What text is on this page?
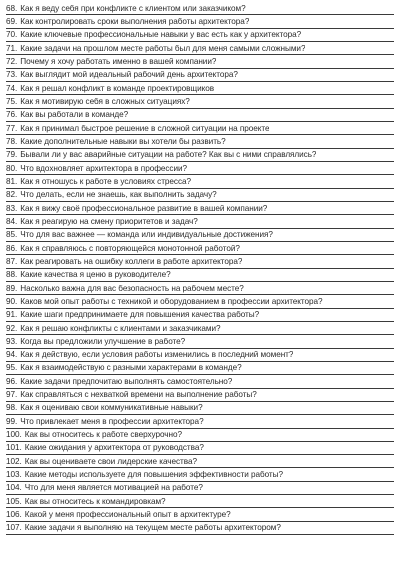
68. Как я веду себя при конфликте с клиентом или заказчиком?
69. Как контролировать сроки выполнения работы архитектора?
70. Какие ключевые профессиональные навыки у вас есть как у архитектора?
71. Какие задачи на прошлом месте работы был для меня самыми сложными?
72. Почему я хочу работать именно в вашей компании?
73. Как выглядит мой идеальный рабочий день архитектора?
74. Как я решал конфликт в команде проектировщиков
75. Как я мотивирую себя в сложных ситуациях?
76. Как вы работали в команде?
77. Как я принимал быстрое решение в сложной ситуации на проекте
78. Какие дополнительные навыки вы хотели бы развить?
79. Бывали ли у вас аварийные ситуации на работе? Как вы с ними справлялись?
80. Что вдохновляет архитектора в профессии?
81. Как я отношусь к работе в условиях стресса?
82. Что делать, если не знаешь, как выполнить задачу?
83. Как я вижу своё профессиональное развитие в вашей компании?
84. Как я реагирую на смену приоритетов и задач?
85. Что для вас важнее — команда или индивидуальные достижения?
86. Как я справляюсь с повторяющейся монотонной работой?
87. Как реагировать на ошибку коллеги в работе архитектора?
88. Какие качества я ценю в руководителе?
89. Насколько важна для вас безопасность на рабочем месте?
90. Каков мой опыт работы с техникой и оборудованием в профессии архитектора?
91. Какие шаги предпринимаете для повышения качества работы?
92. Как я решаю конфликты с клиентами и заказчиками?
93. Когда вы предложили улучшение в работе?
94. Как я действую, если условия работы изменились в последний момент?
95. Как я взаимодействую с разными характерами в команде?
96. Какие задачи предпочитаю выполнять самостоятельно?
97. Как справляться с нехваткой времени на выполнение работы?
98. Как я оцениваю свои коммуникативные навыки?
99. Что привлекает меня в профессии архитектора?
100. Как вы относитесь к работе сверхурочно?
101. Какие ожидания у архитектора от руководства?
102. Как вы оцениваете свои лидерские качества?
103. Какие методы используете для повышения эффективности работы?
104. Что для меня является мотивацией на работе?
105. Как вы относитесь к командировкам?
106. Какой у меня профессиональный опыт в архитектуре?
107. Какие задачи я выполняю на текущем месте работы архитектором?
